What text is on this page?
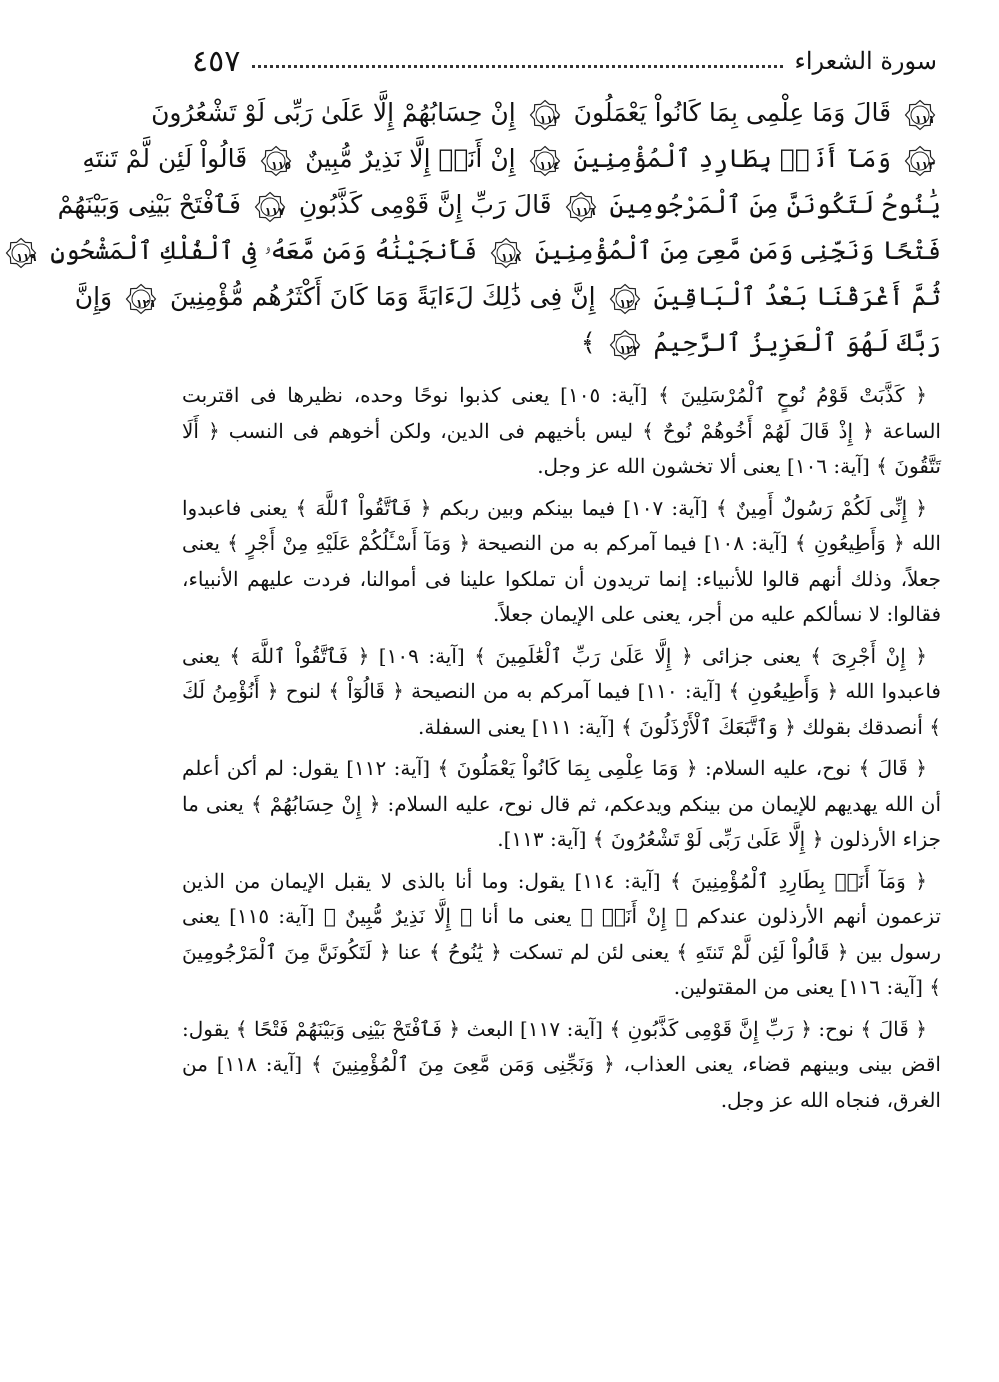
٤٥٧	سورة الشعراء
١١١ قَالَ وَمَا عِلْمِى بِمَا كَانُواْ يَعْمَلُونَ
١١٢ إِنْ حِسَابُهُمْ إِلَّا عَلَىٰ رَبِّى لَوْ تَشْعُرُونَ
١١٣ وَمَآ أَنَا۠ بِطَارِدِ ٱلْمُؤْمِنِينَ
١١٤ إِنْ أَنَا۠ إِلَّا نَذِيرٌ مُّبِينٌ
١١٥ قَالُواْ لَئِن لَّمْ تَنتَهِ
يَٰنُوحُ لَتَكُونَنَّ مِنَ ٱلْمَرْجُومِينَ
١١٦ قَالَ رَبِّ إِنَّ قَوْمِى كَذَّبُونِ
١١٧ فَٱفْتَحْ بَيْنِى وَبَيْنَهُمْ
فَتْحًا وَنَجِّنِى وَمَن مَّعِىَ مِنَ ٱلْمُؤْمِنِينَ
١١٨ فَأَنجَيْنَٰهُ وَمَن مَّعَهُۥ فِى ٱلْفُلْكِ ٱلْمَشْحُونِ
١١٩
ثُمَّ أَغْرَقْنَا بَعْدُ ٱلْبَاقِينَ
١٢٠ إِنَّ فِى ذَٰلِكَ لَءَايَةً وَمَا كَانَ أَكْثَرُهُم مُّؤْمِنِينَ
١٢١ وَإِنَّ
رَبَّكَ لَهُوَ ٱلْعَزِيزُ ٱلرَّحِيمُ
١٢٢ ﴾

﴿ كَذَّبَتْ قَوْمُ نُوحٍ ٱلْمُرْسَلِينَ ﴾ [آية: ١٠٥] يعنى كذبوا نوحًا وحده، نظيرها فى اقتربت الساعة ﴿ إِذْ قَالَ لَهُمْ أَخُوهُمْ نُوحٌ ﴾ ليس بأخيهم فى الدين، ولكن أخوهم فى النسب ﴿ أَلَا تَتَّقُونَ ﴾ [آية: ١٠٦] يعنى ألا تخشون الله عز وجل.

﴿ إِنِّى لَكُمْ رَسُولٌ أَمِينٌ ﴾ [آية: ١٠٧] فيما بينكم وبين ربكم ﴿ فَٱتَّقُواْ ٱللَّهَ ﴾ يعنى فاعبدوا الله ﴿ وَأَطِيعُونِ ﴾ [آية: ١٠٨] فيما آمركم به من النصيحة ﴿ وَمَآ أَسْـَٔلُكُمْ عَلَيْهِ مِنْ أَجْرٍ ﴾ يعنى جعلاً، وذلك أنهم قالوا للأنبياء: إنما تريدون أن تملكوا علينا فى أموالنا، فردت عليهم الأنبياء، فقالوا: لا نسألكم عليه من أجر، يعنى على الإيمان جعلاً.

﴿ إِنْ أَجْرِىَ ﴾ يعنى جزائى ﴿ إِلَّا عَلَىٰ رَبِّ ٱلْعَٰلَمِينَ ﴾ [آية: ١٠٩] ﴿ فَٱتَّقُواْ ٱللَّهَ ﴾ يعنى فاعبدوا الله ﴿ وَأَطِيعُونِ ﴾ [آية: ١١٠] فيما آمركم به من النصيحة ﴿ قَالُوٓاْ ﴾ لنوح ﴿ أَنُؤْمِنُ لَكَ ﴾ أنصدقك بقولك ﴿ وَٱتَّبَعَكَ ٱلْأَرْذَلُونَ ﴾ [آية: ١١١] يعنى السفلة.

﴿ قَالَ ﴾ نوح، عليه السلام: ﴿ وَمَا عِلْمِى بِمَا كَانُواْ يَعْمَلُونَ ﴾ [آية: ١١٢] يقول: لم أكن أعلم أن الله يهديهم للإيمان من بينكم ويدعكم، ثم قال نوح، عليه السلام: ﴿ إِنْ حِسَابُهُمْ ﴾ يعنى ما جزاء الأرذلون ﴿ إِلَّا عَلَىٰ رَبِّى لَوْ تَشْعُرُونَ ﴾ [آية: ١١٣].

﴿ وَمَآ أَنَا۠ بِطَارِدِ ٱلْمُؤْمِنِينَ ﴾ [آية: ١١٤] يقول: وما أنا بالذى لا يقبل الإيمان من الذين تزعمون أنهم الأرذلون عندكم ﴿ إِنْ أَنَا۠ ﴾ يعنى ما أنا ﴿ إِلَّا نَذِيرٌ مُّبِينٌ ﴾ [آية: ١١٥] يعنى رسول بين ﴿ قَالُواْ لَئِن لَّمْ تَنتَهِ ﴾ يعنى لئن لم تسكت ﴿ يَٰنُوحُ ﴾ عنا ﴿ لَتَكُونَنَّ مِنَ ٱلْمَرْجُومِينَ ﴾ [آية: ١١٦] يعنى من المقتولين.

﴿ قَالَ ﴾ نوح: ﴿ رَبِّ إِنَّ قَوْمِى كَذَّبُونِ ﴾ [آية: ١١٧] البعث ﴿ فَٱفْتَحْ بَيْنِى وَبَيْنَهُمْ فَتْحًا ﴾ يقول: اقض بينى وبينهم قضاء، يعنى العذاب، ﴿ وَنَجِّنِى وَمَن مَّعِىَ مِنَ ٱلْمُؤْمِنِينَ ﴾ [آية: ١١٨] من الغرق، فنجاه الله عز وجل.
